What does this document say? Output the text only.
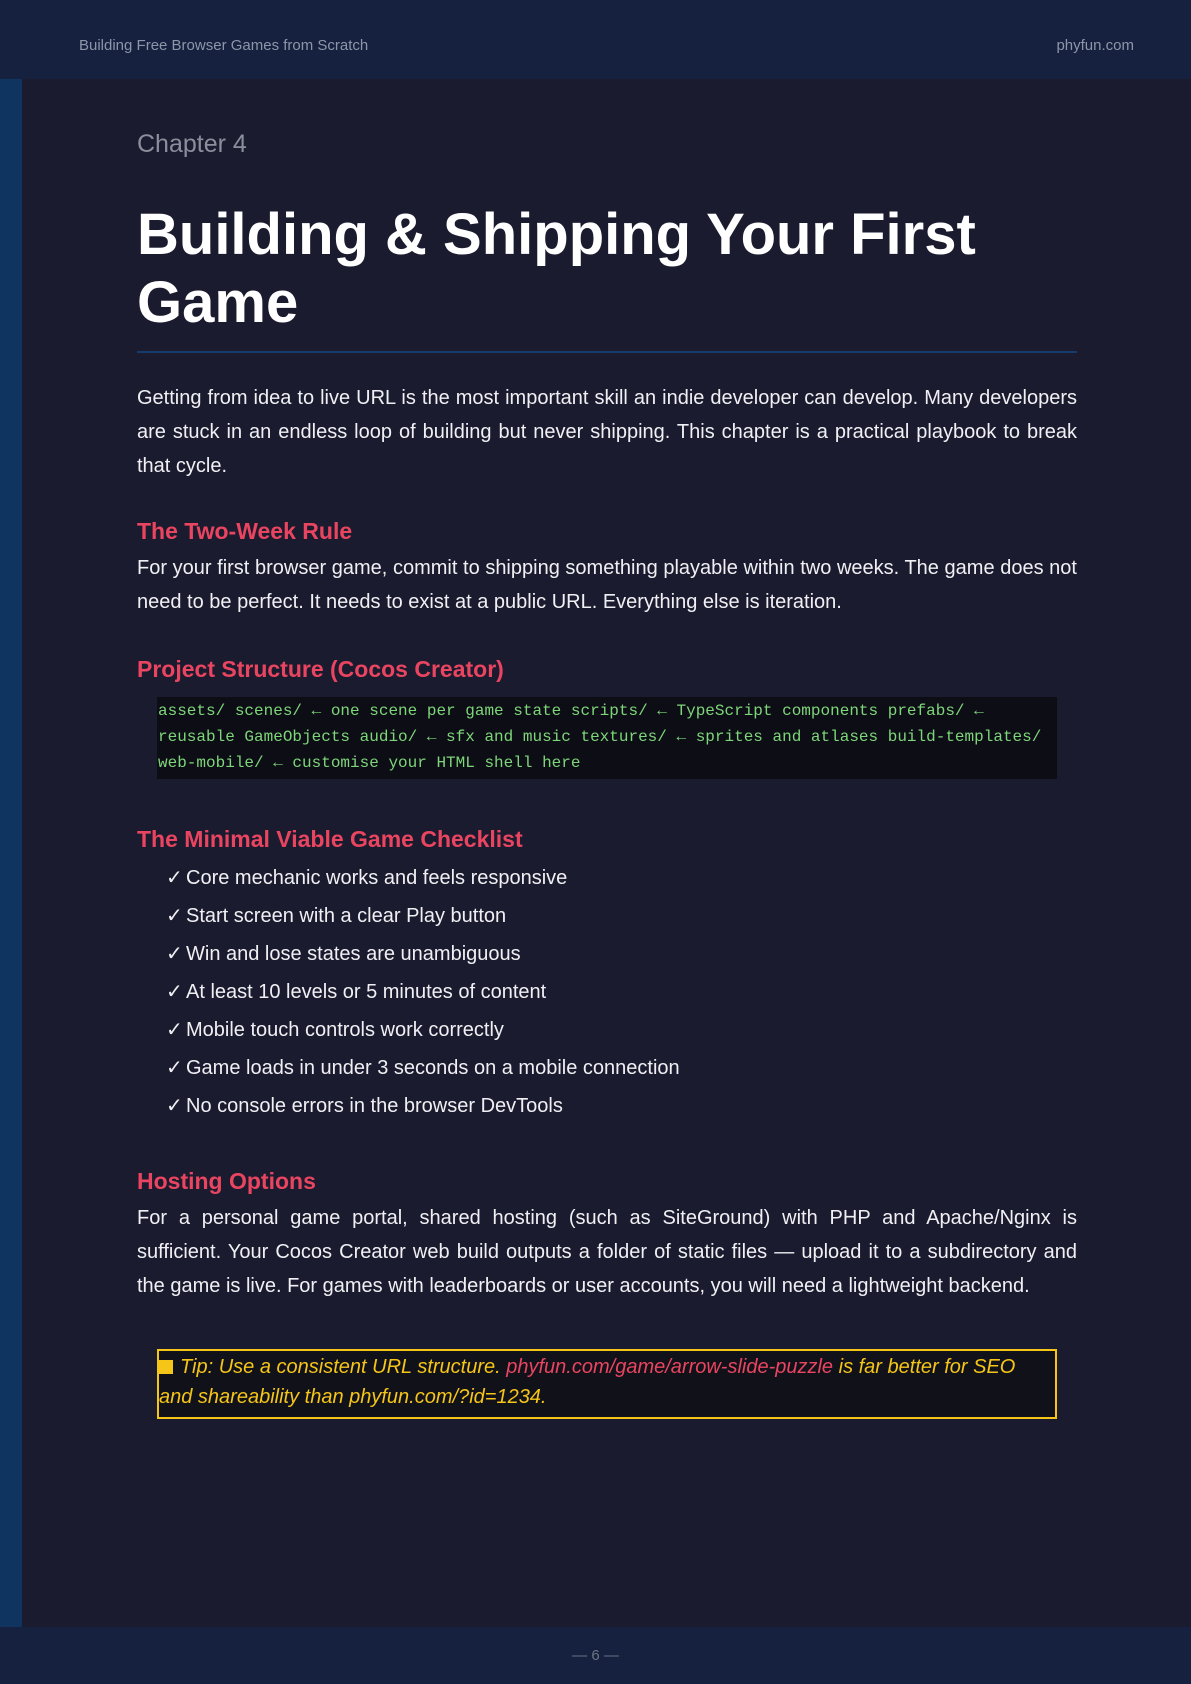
Building Free Browser Games from Scratch	phyfun.com

Chapter 4

Building & Shipping Your First Game

Getting from idea to live URL is the most important skill an indie developer can develop. Many developers are stuck in an endless loop of building but never shipping. This chapter is a practical playbook to break that cycle.

The Two-Week Rule

For your first browser game, commit to shipping something playable within two weeks. The game does not need to be perfect. It needs to exist at a public URL. Everything else is iteration.

Project Structure (Cocos Creator)
assets/ scenes/ ← one scene per game state scripts/ ← TypeScript components prefabs/ ← reusable GameObjects audio/ ← sfx and music textures/ ← sprites and atlases build-templates/ web-mobile/ ← customise your HTML shell here
The Minimal Viable Game Checklist
✓ Core mechanic works and feels responsive
✓ Start screen with a clear Play button
✓ Win and lose states are unambiguous
✓ At least 10 levels or 5 minutes of content
✓ Mobile touch controls work correctly
✓ Game loads in under 3 seconds on a mobile connection
✓ No console errors in the browser DevTools
Hosting Options

For a personal game portal, shared hosting (such as SiteGround) with PHP and Apache/Nginx is sufficient. Your Cocos Creator web build outputs a folder of static files — upload it to a subdirectory and the game is live. For games with leaderboards or user accounts, you will need a lightweight backend.

Tip: Use a consistent URL structure. phyfun.com/game/arrow-slide-puzzle is far better for SEO and shareability than phyfun.com/?id=1234.
— 6 —
